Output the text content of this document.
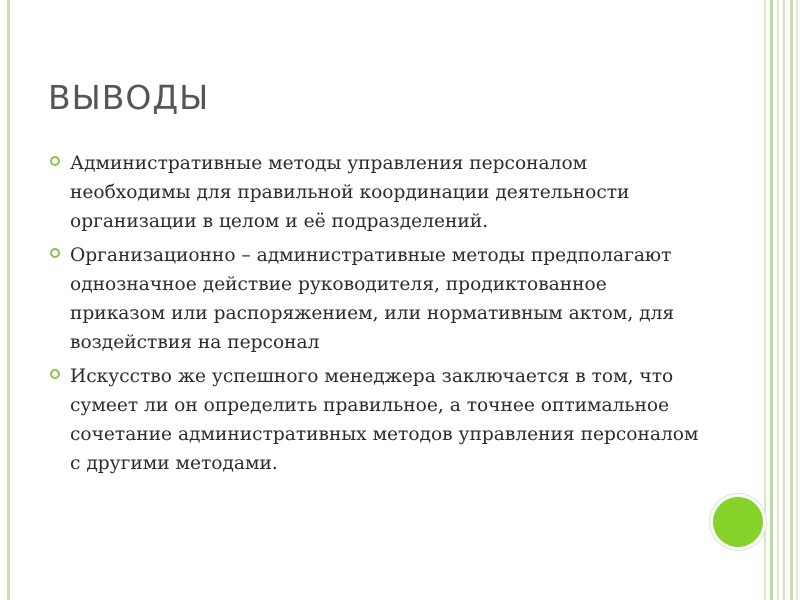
ВЫВОДЫ
Административные методы управления персоналом необходимы для правильной координации деятельности организации в целом и её подразделений.
Организационно – административные методы предполагают однозначное действие руководителя, продиктованное приказом или распоряжением, или нормативным актом, для воздействия на персонал
Искусство же успешного менеджера заключается в том, что сумеет ли он определить правильное, а точнее оптимальное сочетание административных методов управления персоналом с другими методами.
